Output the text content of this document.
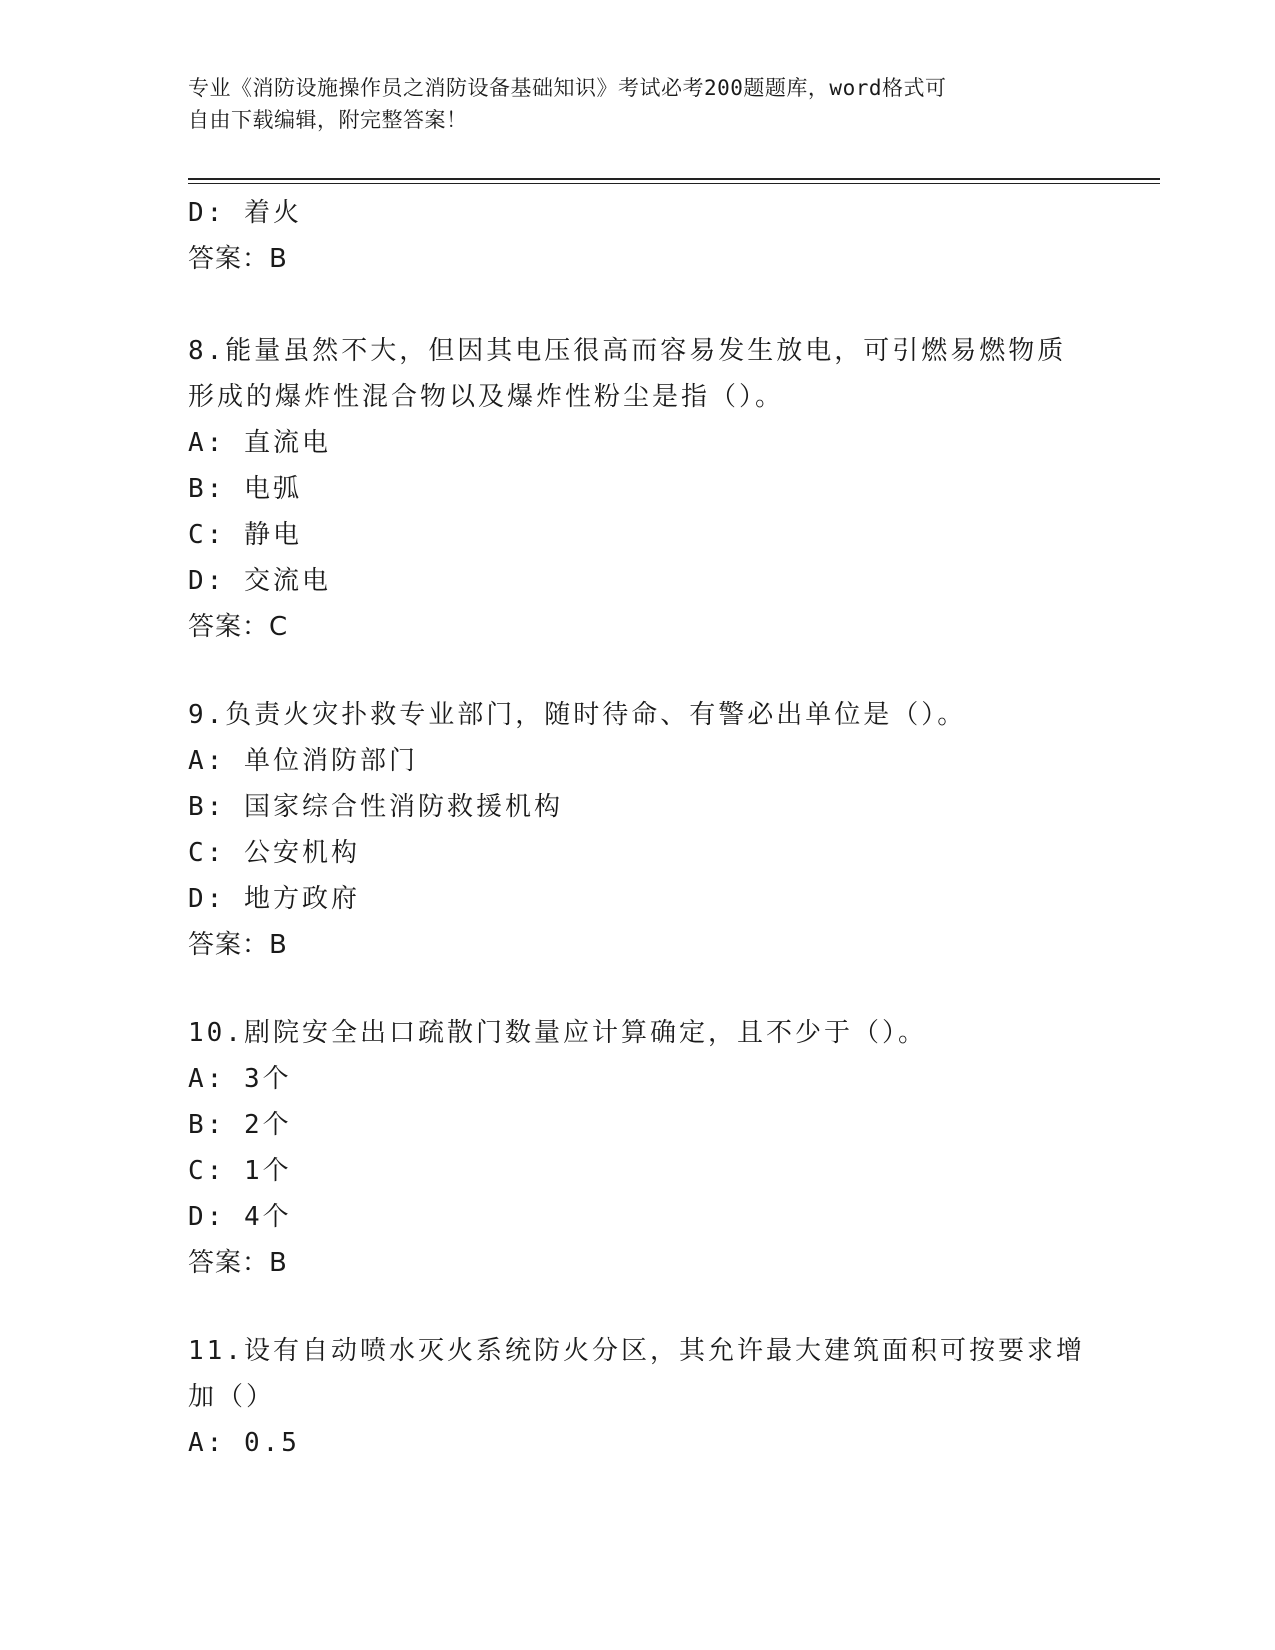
专业《消防设施操作员之消防设备基础知识》考试必考200题题库，word格式可
自由下载编辑，附完整答案！
D: 着火
答案：B
8.能量虽然不大，但因其电压很高而容易发生放电，可引燃易燃物质
形成的爆炸性混合物以及爆炸性粉尘是指（）。
A: 直流电
B: 电弧
C: 静电
D: 交流电
答案：C
9.负责火灾扑救专业部门，随时待命、有警必出单位是（）。
A: 单位消防部门
B: 国家综合性消防救援机构
C: 公安机构
D: 地方政府
答案：B
10.剧院安全出口疏散门数量应计算确定，且不少于（）。
A: 3个
B: 2个
C: 1个
D: 4个
答案：B
11.设有自动喷水灭火系统防火分区，其允许最大建筑面积可按要求增
加（）
A: 0.5
